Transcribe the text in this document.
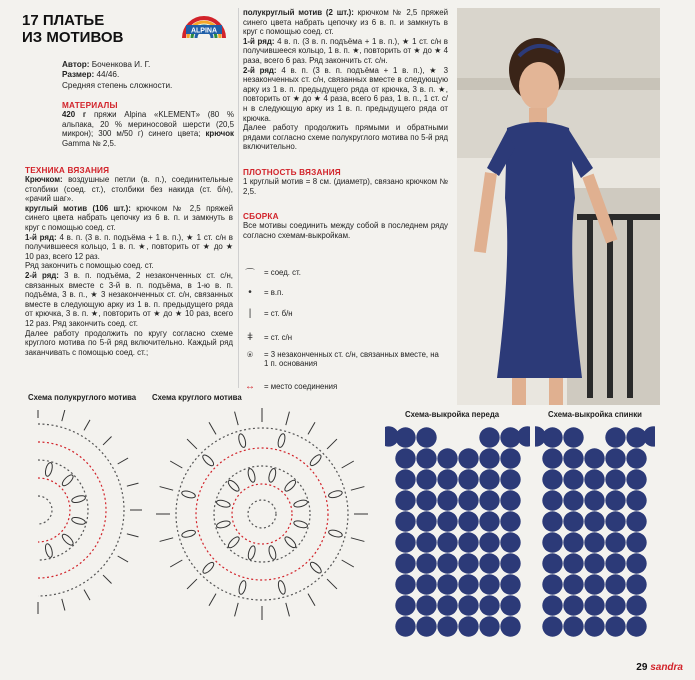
17 ПЛАТЬЕ
ИЗ МОТИВОВ	ALPINA
Автор: Боченкова И. Г.
Размер: 44/46.
Средняя степень сложности.
МАТЕРИАЛЫ
420 г пряжи Alpina «KLEMENT» (80 % альпака, 20 % мериносовой шерсти (20,5 микрон); 300 м/50 г) синего цвета; крючок Gamma № 2,5.
ТЕХНИКА ВЯЗАНИЯ
Крючком: воздушные петли (в. п.), соединительные столбики (соед. ст.), столбики без накида (ст. б/н), «рачий шаг».
круглый мотив (106 шт.): крючком № 2,5 пряжей синего цвета набрать цепочку из 6 в. п. и замкнуть в круг с помощью соед. ст.
1-й ряд: 4 в. п. (3 в. п. подъёма + 1 в. п.), ★ 1 ст. с/н в получившееся кольцо, 1 в. п. ★, повторить от ★ до ★ 10 раз, всего 12 раз.
Ряд закончить с помощью соед. ст.
2-й ряд: 3 в. п. подъёма, 2 незаконченных ст. с/н, связанных вместе с 3-й в. п. подъёма, в 1-ю в. п. подъёма, 3 в. п., ★ 3 незаконченных ст. с/н, связанных вместе в следующую арку из 1 в. п. предыдущего ряда от крючка, 3 в. п. ★, повторить от ★ до ★ 10 раз, всего 12 раз. Ряд закончить соед. ст.
Далее работу продолжить по кругу согласно схеме круглого мотива по 5-й ряд включительно. Каждый ряд заканчивать с помощью соед. ст.;
полукруглый мотив (2 шт.): крючком № 2,5 пряжей синего цвета набрать цепочку из 6 в. п. и замкнуть в круг с помощью соед. ст.
1-й ряд: 4 в. п. (3 в. п. подъёма + 1 в. п.), ★ 1 ст. с/н в получившееся кольцо, 1 в. п. ★, повторить от ★ до ★ 4 раза, всего 6 раз. Ряд закончить ст. с/н.
2-й ряд: 4 в. п. (3 в. п. подъёма + 1 в. п.), ★ 3 незаконченных ст. с/н, связанных вместе в следующую арку из 1 в. п. предыдущего ряда от крючка, 3 в. п. ★, повторить от ★ до ★ 4 раза, всего 6 раз, 1 в. п., 1 ст. с/н в следующую арку из 1 в. п. предыдущего ряда от крючка.
Далее работу продолжить прямыми и обратными рядами согласно схеме полукруглого мотива по 5-й ряд включительно.
ПЛОТНОСТЬ ВЯЗАНИЯ
1 круглый мотив = 8 см. (диаметр), связано крючком № 2,5.
СБОРКА
Все мотивы соединить между собой в последнем ряду согласно схемам-выкройкам.
⌒	= соед. ст.
•	= в.п.
|	= ст. б/н
ǂ	= ст. с/н
⍟	= 3 незаконченных ст. с/н, связанных вместе, на 1 п. основания
↔	= место соединения
Схема полукруглого мотива Схема круглого мотива
Схема-выкройка переда	Схема-выкройка спинки
29 sandra
